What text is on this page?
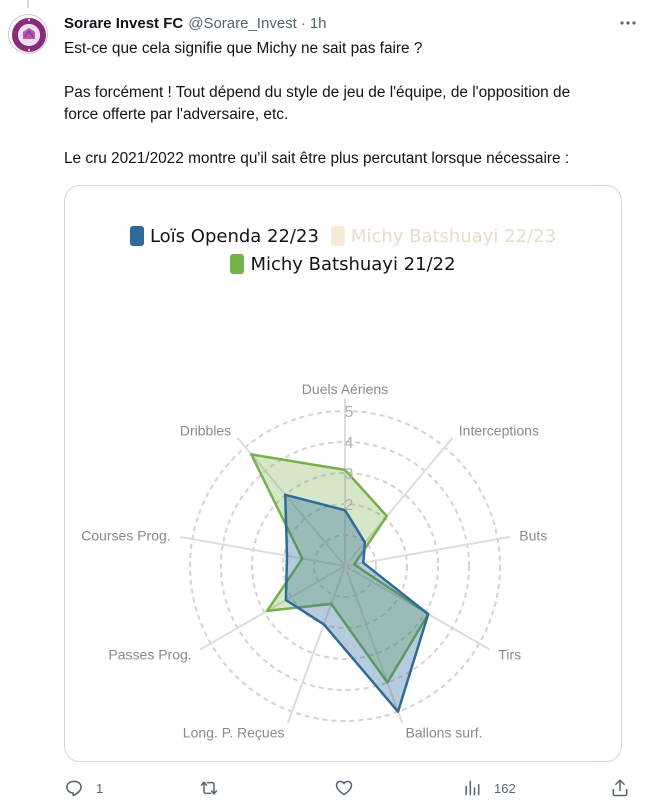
Sorare Invest FC @Sorare_Invest · 1h

Est-ce que cela signifie que Michy ne sait pas faire ?

Pas forcément ! Tout dépend du style de jeu de l'équipe, de l'opposition de

force offerte par l'adversaire, etc.

Le cru 2021/2022 montre qu'il sait être plus percutant lorsque nécessaire :

0
1
2
3
4
5
Duels Aériens
Interceptions
Buts
Tirs
Ballons surf.
Long. P. Reçues
Passes Prog.
Courses Prog.
Dribbles
Loïs Openda 22/23 Michy Batshuayi 22/23
Michy Batshuayi 21/22
1	162
